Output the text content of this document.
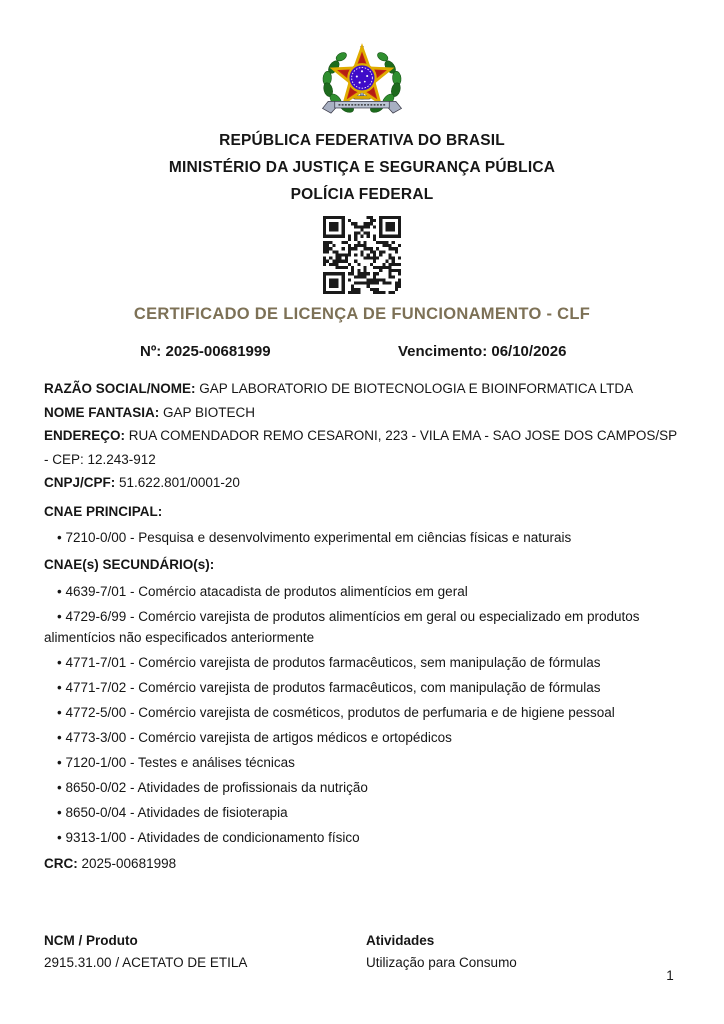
REPÚBLICA FEDERATIVA DO BRASIL
MINISTÉRIO DA JUSTIÇA E SEGURANÇA PÚBLICA
POLÍCIA FEDERAL
CERTIFICADO DE LICENÇA DE FUNCIONAMENTO - CLF
Nº: 2025-00681999	Vencimento: 06/10/2026

RAZÃO SOCIAL/NOME: GAP LABORATORIO DE BIOTECNOLOGIA E BIOINFORMATICA LTDA

NOME FANTASIA: GAP BIOTECH

ENDEREÇO: RUA COMENDADOR REMO CESARONI, 223 - VILA EMA - SAO JOSE DOS CAMPOS/SP - CEP: 12.243-912

CNPJ/CPF: 51.622.801/0001-20

CNAE PRINCIPAL:

• 7210-0/00 - Pesquisa e desenvolvimento experimental em ciências físicas e naturais

CNAE(s) SECUNDÁRIO(s):

• 4639-7/01 - Comércio atacadista de produtos alimentícios em geral

• 4729-6/99 - Comércio varejista de produtos alimentícios em geral ou especializado em produtos alimentícios não especificados anteriormente

• 4771-7/01 - Comércio varejista de produtos farmacêuticos, sem manipulação de fórmulas

• 4771-7/02 - Comércio varejista de produtos farmacêuticos, com manipulação de fórmulas

• 4772-5/00 - Comércio varejista de cosméticos, produtos de perfumaria e de higiene pessoal

• 4773-3/00 - Comércio varejista de artigos médicos e ortopédicos

• 7120-1/00 - Testes e análises técnicas

• 8650-0/02 - Atividades de profissionais da nutrição

• 8650-0/04 - Atividades de fisioterapia

• 9313-1/00 - Atividades de condicionamento físico

CRC: 2025-00681998

NCM / Produto
2915.31.00 / ACETATO DE ETILA
Atividades
Utilização para Consumo
1
